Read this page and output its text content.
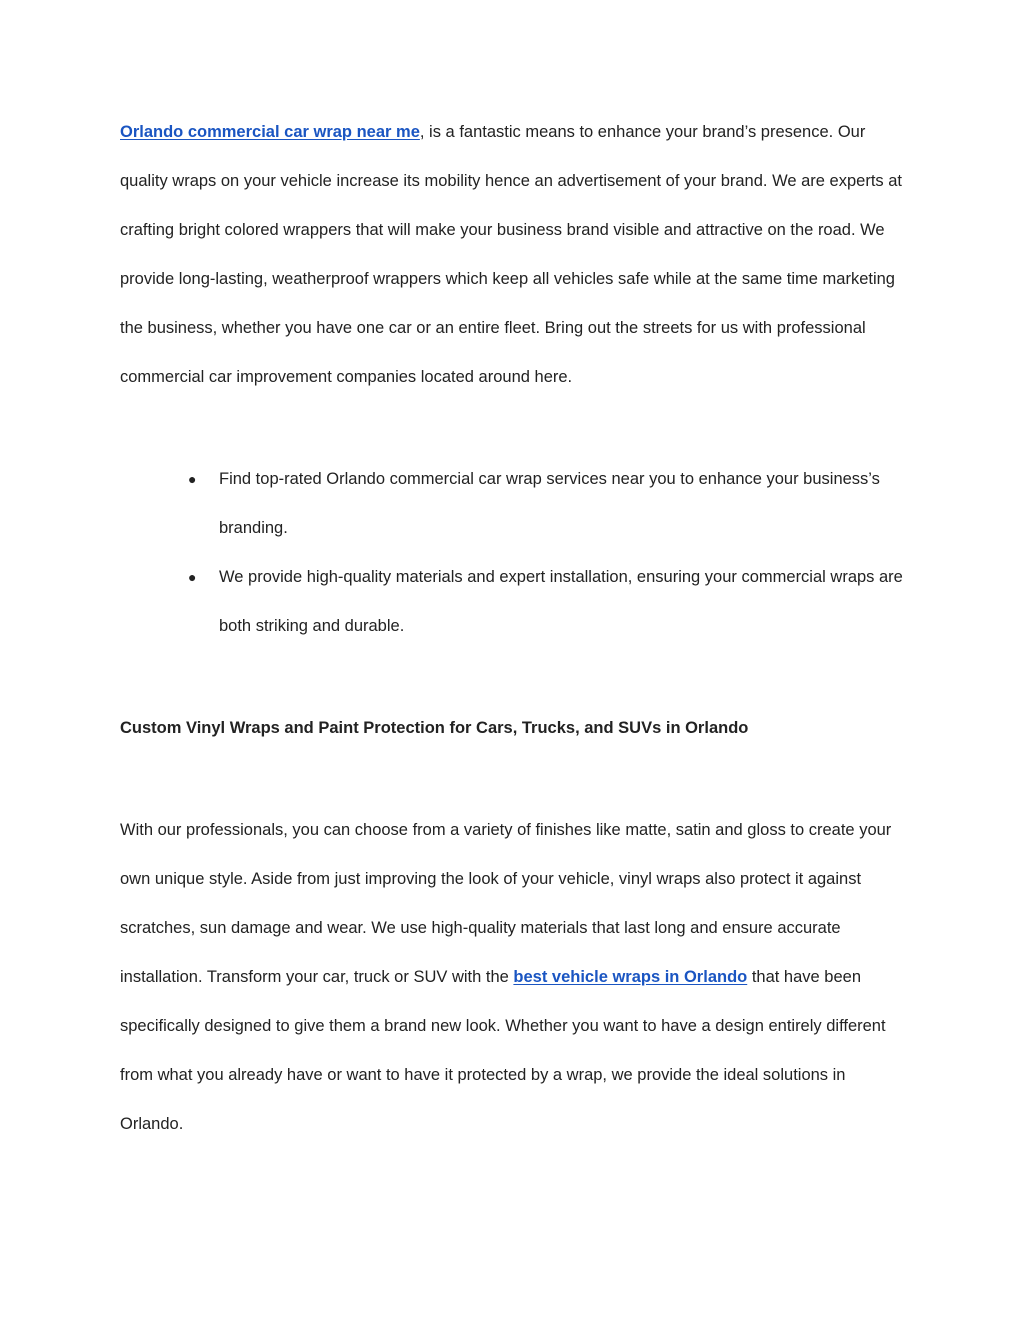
Orlando commercial car wrap near me, is a fantastic means to enhance your brand’s presence. Our quality wraps on your vehicle increase its mobility hence an advertisement of your brand. We are experts at crafting bright colored wrappers that will make your business brand visible and attractive on the road. We provide long-lasting, weatherproof wrappers which keep all vehicles safe while at the same time marketing the business, whether you have one car or an entire fleet. Bring out the streets for us with professional commercial car improvement companies located around here.

● Find top-rated Orlando commercial car wrap services near you to enhance your business’s branding.
● We provide high-quality materials and expert installation, ensuring your commercial wraps are both striking and durable.
Custom Vinyl Wraps and Paint Protection for Cars, Trucks, and SUVs in Orlando

With our professionals, you can choose from a variety of finishes like matte, satin and gloss to create your own unique style. Aside from just improving the look of your vehicle, vinyl wraps also protect it against scratches, sun damage and wear. We use high-quality materials that last long and ensure accurate installation. Transform your car, truck or SUV with the best vehicle wraps in Orlando that have been specifically designed to give them a brand new look. Whether you want to have a design entirely different from what you already have or want to have it protected by a wrap, we provide the ideal solutions in Orlando.
